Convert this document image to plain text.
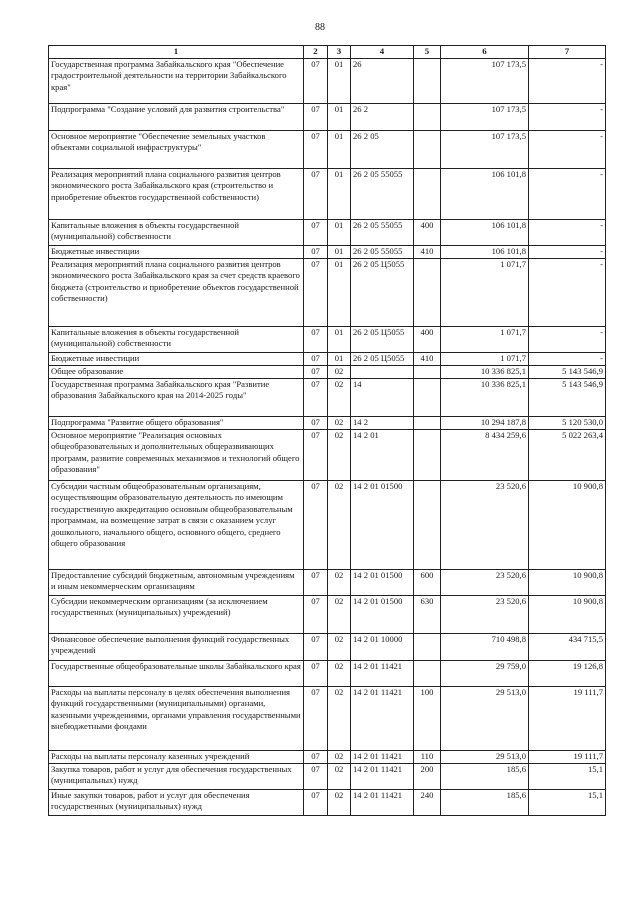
88
1	2	3	4	5	6	7
Государственная программа Забайкальского края "Обеспечение градостроительной деятельности на территории Забайкальского края"	07	01	26		107 173,5	-
Подпрограмма "Создание условий для развития строительства"	07	01	26 2		107 173,5	-
Основное мероприятие "Обеспечение земельных участков объектами социальной инфраструктуры"	07	01	26 2 05		107 173,5	-
Реализация мероприятий плана социального развития центров экономического роста Забайкальского края (строительство и приобретение объектов государственной собственности)	07	01	26 2 05 55055		106 101,8	-
Капитальные вложения в объекты государственной (муниципальной) собственности	07	01	26 2 05 55055	400	106 101,8	-
Бюджетные инвестиции	07	01	26 2 05 55055	410	106 101,8	-
Реализация мероприятий плана социального развития центров экономического роста Забайкальского края за счет средств краевого бюджета (строительство и приобретение объектов государственной собственности)	07	01	26 2 05 Ц5055		1 071,7	-
Капитальные вложения в объекты государственной (муниципальной) собственности	07	01	26 2 05 Ц5055	400	1 071,7	-
Бюджетные инвестиции	07	01	26 2 05 Ц5055	410	1 071,7	-
Общее образование	07	02			10 336 825,1	5 143 546,9
Государственная программа Забайкальского края "Развитие образования Забайкальского края на 2014-2025 годы"	07	02	14		10 336 825,1	5 143 546,9
Подпрограмма "Развитие общего образования"	07	02	14 2		10 294 187,8	5 120 530,0
Основное мероприятие "Реализация основных общеобразовательных и дополнительных общеразвивающих программ, развитие современных механизмов и технологий общего образования"	07	02	14 2 01		8 434 259,6	5 022 263,4
Субсидии частным общеобразовательным организациям, осуществляющим образовательную деятельность по имеющим государственную аккредитацию основным общеобразовательным программам, на возмещение затрат в связи с оказанием услуг дошкольного, начального общего, основного общего, среднего общего образования	07	02	14 2 01 01500		23 520,6	10 900,8
Предоставление субсидий бюджетным, автономным учреждениям и иным некоммерческим организациям	07	02	14 2 01 01500	600	23 520,6	10 900,8
Субсидии некоммерческим организациям (за исключением государственных (муниципальных) учреждений)	07	02	14 2 01 01500	630	23 520,6	10 900,8
Финансовое обеспечение выполнения функций государственных учреждений	07	02	14 2 01 10000		710 498,8	434 715,5
Государственные общеобразовательные школы Забайкальского края	07	02	14 2 01 11421		29 759,0	19 126,8
Расходы на выплаты персоналу в целях обеспечения выполнения функций государственными (муниципальными) органами, казенными учреждениями, органами управления государственными внебюджетными фондами	07	02	14 2 01 11421	100	29 513,0	19 111,7
Расходы на выплаты персоналу казенных учреждений	07	02	14 2 01 11421	110	29 513,0	19 111,7
Закупка товаров, работ и услуг для обеспечения государственных (муниципальных) нужд	07	02	14 2 01 11421	200	185,6	15,1
Иные закупки товаров, работ и услуг для обеспечения государственных (муниципальных) нужд	07	02	14 2 01 11421	240	185,6	15,1
